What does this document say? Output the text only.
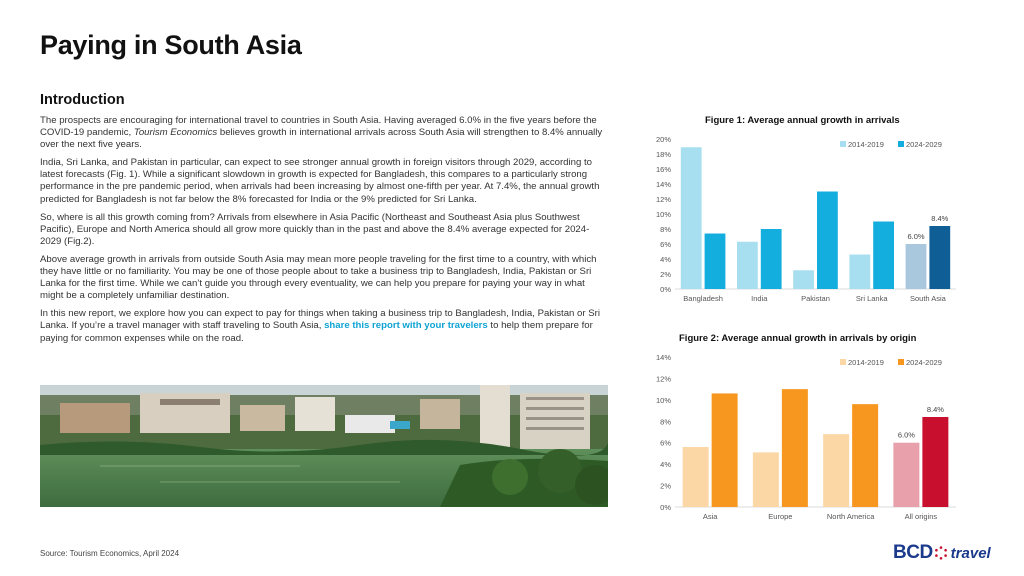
Paying in South Asia
Introduction

The prospects are encouraging for international travel to countries in South Asia. Having averaged 6.0% in the five years before the COVID-19 pandemic, Tourism Economics believes growth in international arrivals across South Asia will strengthen to 8.4% annually over the next five years.

India, Sri Lanka, and Pakistan in particular, can expect to see stronger annual growth in foreign visitors through 2029, according to latest forecasts (Fig. 1). While a significant slowdown in growth is expected for Bangladesh, this compares to a particularly strong performance in the pre pandemic period, when arrivals had been increasing by almost one-fifth per year. At 7.4%, the annual growth predicted for Bangladesh is not far below the 8% forecasted for India or the 9% predicted for Sri Lanka.

So, where is all this growth coming from? Arrivals from elsewhere in Asia Pacific (Northeast and Southeast Asia plus Southwest Pacific), Europe and North America should all grow more quickly than in the past and above the 8.4% average expected for 2024-2029 (Fig.2).

Above average growth in arrivals from outside South Asia may mean more people traveling for the first time to a country, with which they have little or no familiarity. You may be one of those people about to take a business trip to Bangladesh, India, Pakistan or Sri Lanka for the first time. While we can’t guide you through every eventuality, we can help you prepare for paying your way in what might be a completely unfamiliar destination.

In this new report, we explore how you can expect to pay for things when taking a business trip to Bangladesh, India, Pakistan or Sri Lanka. If you’re a travel manager with staff traveling to South Asia, share this report with your travelers to help them prepare for paying for common expenses while on the road.

Source: Tourism Economics, April 2024
Figure 1: Average annual growth in arrivals
0%
2%
4%
6%
8%
10%
12%
14%
16%
18%
20%
Bangladesh	India	Pakistan	Sri Lanka
6.0%
8.4%
South Asia
2014-2019	2024-2029
Figure 2: Average annual growth in arrivals by origin
0%
2%
4%
6%
8%
10%
12%
14%
Asia	Europe	North America
6.0%
8.4%
All origins
2014-2019	2024-2029
BCD travel
